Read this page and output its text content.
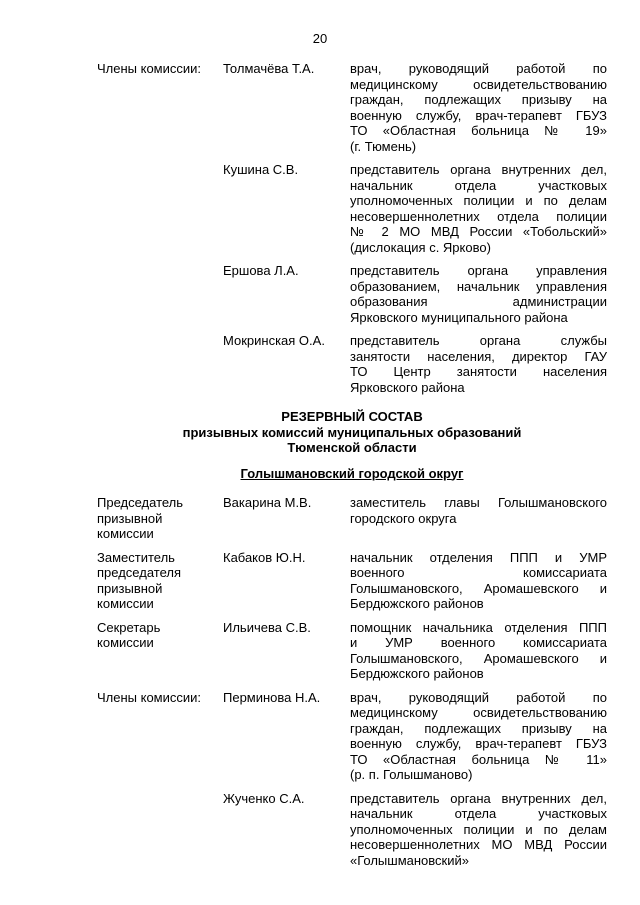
20
Члены комиссии:	Толмачёва Т.А.	врач, руководящий работой по
медицинскому освидетельствованию
граждан, подлежащих призыву на
военную службу, врач-терапевт ГБУЗ
ТО «Областная больница № 19»
(г. Тюмень)

Кушина С.В.	представитель органа внутренних дел,
начальник отдела участковых
уполномоченных полиции и по делам
несовершеннолетних отдела полиции
№ 2 МО МВД России «Тобольский»
(дислокация с. Ярково)

Ершова Л.А.	представитель органа управления
образованием, начальник управления
образования администрации
Ярковского муниципального района

Мокринская О.А.	представитель органа службы
занятости населения, директор ГАУ
ТО Центр занятости населения
Ярковского района
РЕЗЕРВНЫЙ СОСТАВ
призывных комиссий муниципальных образований
Тюменской области
Голышмановский городской округ
Председатель
призывной
комиссии
Вакарина М.В.	заместитель главы Голышмановского
городского округа
Заместитель
председателя
призывной
комиссии
Кабаков Ю.Н.	начальник отделения ППП и УМР
военного комиссариата
Голышмановского, Аромашевского и
Бердюжского районов
Секретарь
комиссии
Ильичева С.В.	помощник начальника отделения ППП
и УМР военного комиссариата
Голышмановского, Аромашевского и
Бердюжского районов
Члены комиссии:	Перминова Н.А.	врач, руководящий работой по
медицинскому освидетельствованию
граждан, подлежащих призыву на
военную службу, врач-терапевт ГБУЗ
ТО «Областная больница № 11»
(р. п. Голышманово)

Жученко С.А.	представитель органа внутренних дел,
начальник отдела участковых
уполномоченных полиции и по делам
несовершеннолетних МО МВД России
«Голышмановский»
